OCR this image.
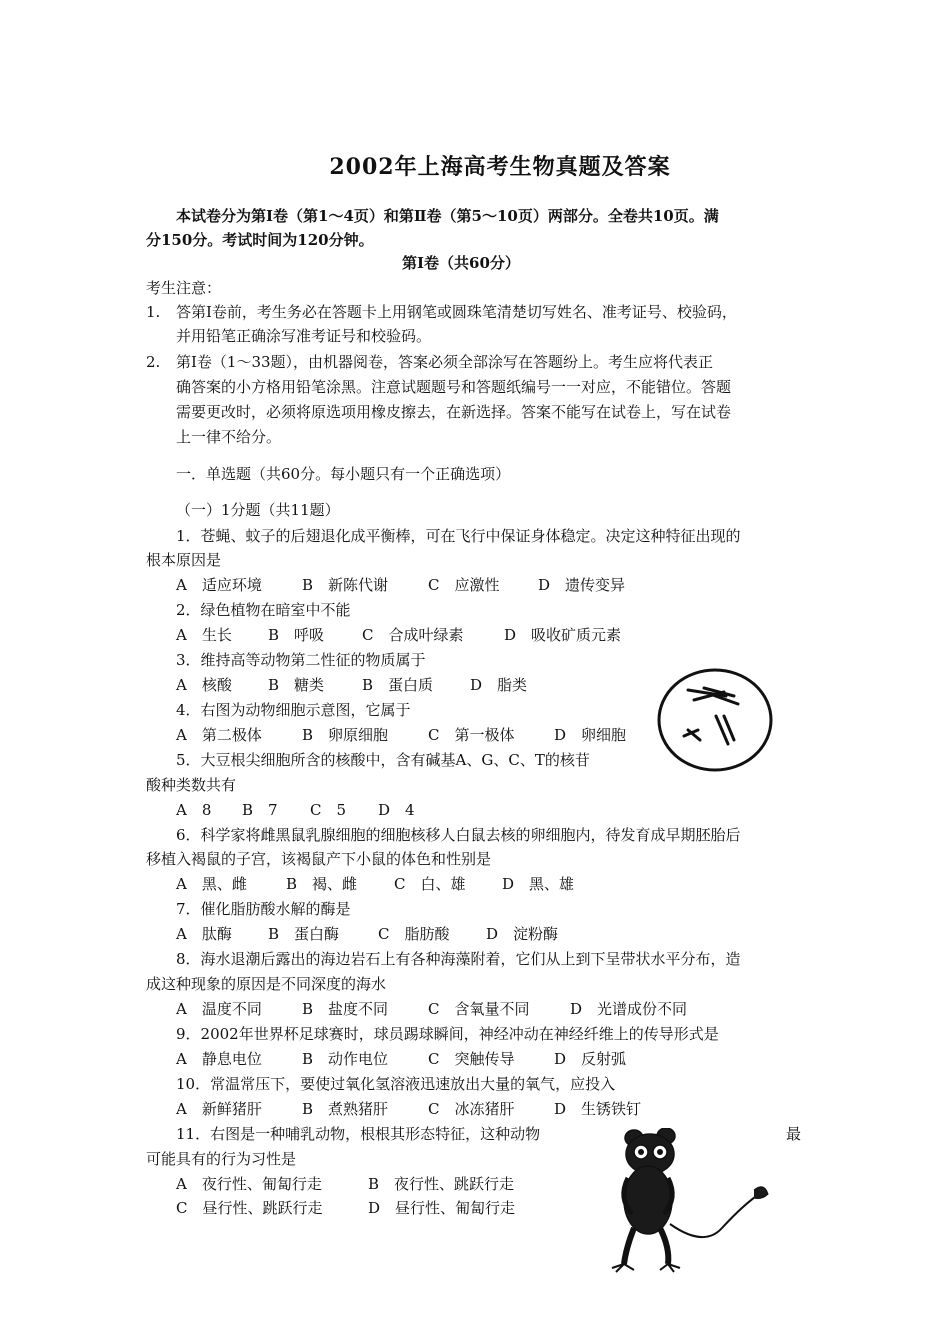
2002年上海高考生物真题及答案
本试卷分为第Ⅰ卷（第1～4页）和第Ⅱ卷（第5～10页）两部分。全卷共10页。满
分150分。考试时间为120分钟。
第Ⅰ卷（共60分）
考生注意：
1. 答第Ⅰ卷前，考生务必在答题卡上用钢笔或圆珠笔清楚切写姓名、准考证号、校验码，
并用铅笔正确涂写准考证号和校验码。
2. 第Ⅰ卷（1～33题），由机器阅卷，答案必须全部涂写在答题纷上。考生应将代表正
确答案的小方格用铅笔涂黑。注意试题题号和答题纸编号一一对应，不能错位。答题
需要更改时，必须将原选项用橡皮擦去，在新选择。答案不能写在试卷上，写在试卷
上一律不给分。
一．单选题（共60分。每小题只有一个正确选项）
（一）1分题（共11题）
1．苍蝇、蚊子的后翅退化成平衡棒，可在飞行中保证身体稳定。决定这种特征出现的
根本原因是
A　适应环境	B　新陈代谢	C　应激性	D　遗传变异
2．绿色植物在暗室中不能
A　生长 B　呼吸	C　合成叶绿素	D　吸收矿质元素
3．维持高等动物第二性征的物质属于
A　核酸 B　糖类	B　蛋白质 D　脂类
4．右图为动物细胞示意图，它属于
A　第二极体	B　卵原细胞	C　第一极体	D　卵细胞
5．大豆根尖细胞所含的核酸中，含有碱基A、G、C、T的核苷
酸种类数共有
A　8 B　7 C　5 D　4
6．科学家将雌黑鼠乳腺细胞的细胞核移人白鼠去核的卵细胞内，待发育成早期胚胎后
移植入褐鼠的子宫，该褐鼠产下小鼠的体色和性别是
A　黑、雌	B　褐、雌 C　白、雄 D　黑、雄
7．催化脂肪酸水解的酶是
A　肽酶 B　蛋白酶	C　脂肪酸 D　淀粉酶
8．海水退潮后露出的海边岩石上有各种海藻附着，它们从上到下呈带状水平分布，造
成这种现象的原因是不同深度的海水
A　温度不同	B　盐度不同	C　含氧量不同	D　光谱成份不同
9．2002年世界杯足球赛时，球员踢球瞬间，神经冲动在神经纤维上的传导形式是
A　静息电位	B　动作电位	C　突触传导	D　反射弧
10．常温常压下，要使过氧化氢溶液迅速放出大量的氧气，应投入
A　新鲜猪肝	B　煮熟猪肝	C　冰冻猪肝	D　生锈铁钉
11．右图是一种哺乳动物，根根其形态特征，这种动物	最
可能具有的行为习性是
A　夜行性、匍匐行走	B　夜行性、跳跃行走
C　昼行性、跳跃行走	D　昼行性、匍匐行走
